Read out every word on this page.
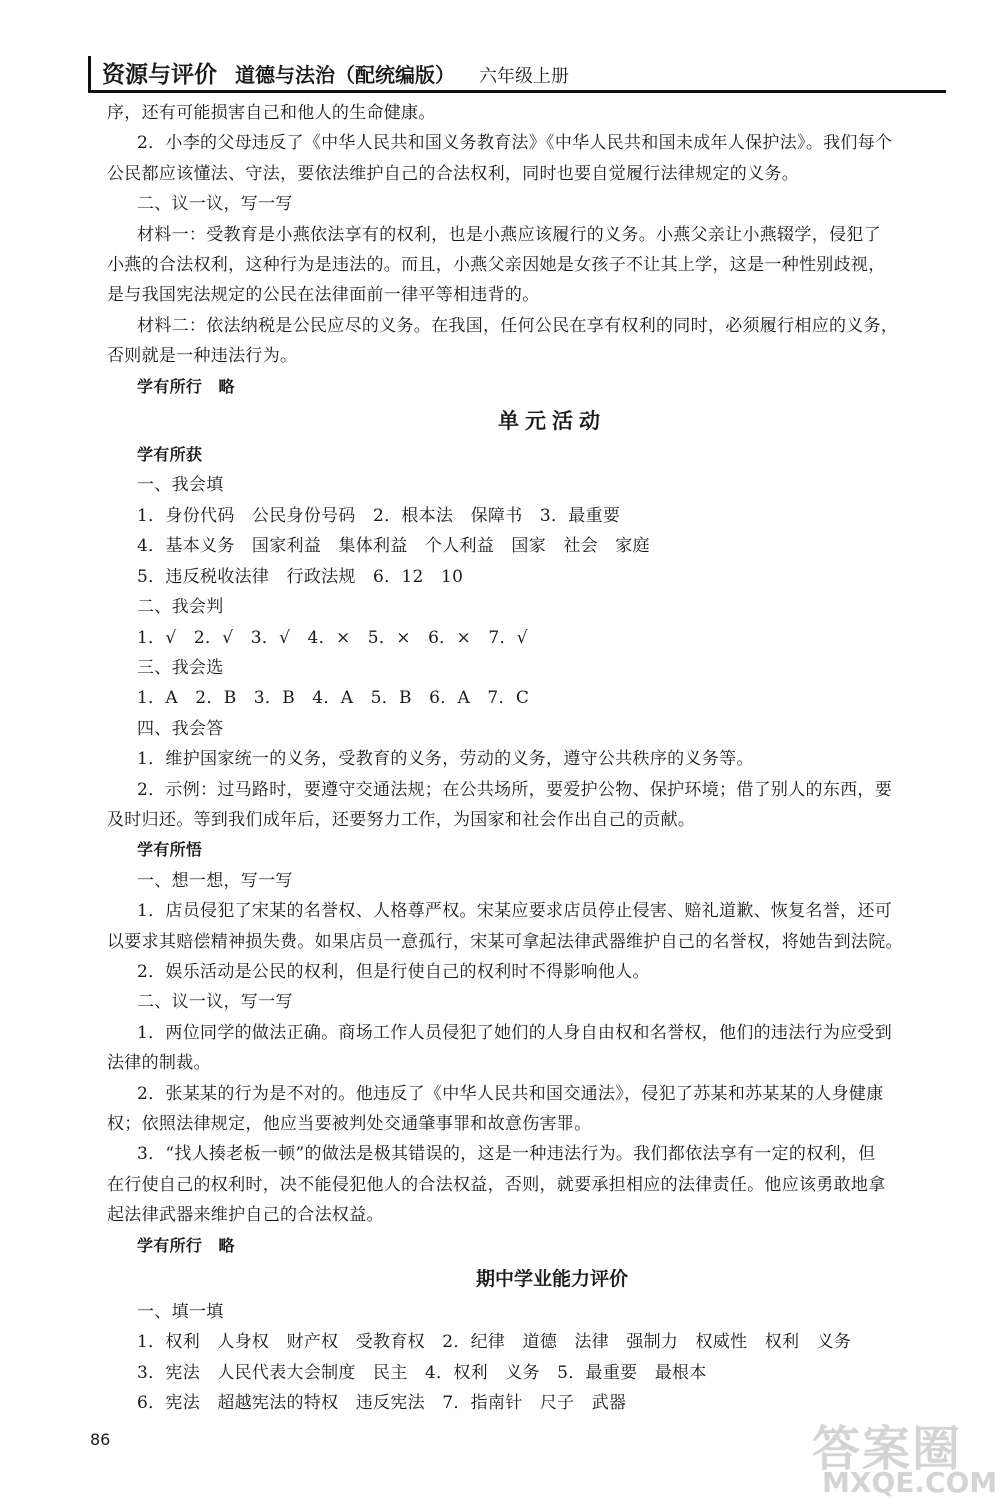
资源与评价 道德与法治（配统编版） 六年级上册
序，还有可能损害自己和他人的生命健康。
2．小李的父母违反了《中华人民共和国义务教育法》《中华人民共和国未成年人保护法》。我们每个
公民都应该懂法、守法，要依法维护自己的合法权利，同时也要自觉履行法律规定的义务。
二、议一议，写一写
材料一：受教育是小燕依法享有的权利，也是小燕应该履行的义务。小燕父亲让小燕辍学，侵犯了
小燕的合法权利，这种行为是违法的。而且，小燕父亲因她是女孩子不让其上学，这是一种性别歧视，
是与我国宪法规定的公民在法律面前一律平等相违背的。
材料二：依法纳税是公民应尽的义务。在我国，任何公民在享有权利的同时，必须履行相应的义务，
否则就是一种违法行为。
学有所行　略
单元活动
学有所获
一、我会填
1．身份代码　公民身份号码　2．根本法　保障书　3．最重要
4．基本义务　国家利益　集体利益　个人利益　国家　社会　家庭
5．违反税收法律　行政法规　6．12　10
二、我会判
1．√　2．√　3．√　4．×　5．×　6．×　7．√
三、我会选
1．A　2．B　3．B　4．A　5．B　6．A　7．C
四、我会答
1．维护国家统一的义务，受教育的义务，劳动的义务，遵守公共秩序的义务等。
2．示例：过马路时，要遵守交通法规；在公共场所，要爱护公物、保护环境；借了别人的东西，要
及时归还。等到我们成年后，还要努力工作，为国家和社会作出自己的贡献。
学有所悟
一、想一想，写一写
1．店员侵犯了宋某的名誉权、人格尊严权。宋某应要求店员停止侵害、赔礼道歉、恢复名誉，还可
以要求其赔偿精神损失费。如果店员一意孤行，宋某可拿起法律武器维护自己的名誉权，将她告到法院。
2．娱乐活动是公民的权利，但是行使自己的权利时不得影响他人。
二、议一议，写一写
1．两位同学的做法正确。商场工作人员侵犯了她们的人身自由权和名誉权，他们的违法行为应受到
法律的制裁。
2．张某某的行为是不对的。他违反了《中华人民共和国交通法》，侵犯了苏某和苏某某的人身健康
权；依照法律规定，他应当要被判处交通肇事罪和故意伤害罪。
3．“找人揍老板一顿”的做法是极其错误的，这是一种违法行为。我们都依法享有一定的权利，但
在行使自己的权利时，决不能侵犯他人的合法权益，否则，就要承担相应的法律责任。他应该勇敢地拿
起法律武器来维护自己的合法权益。
学有所行　略
期中学业能力评价
一、填一填
1．权利　人身权　财产权　受教育权　2．纪律　道德　法律　强制力　权威性　权利　义务
3．宪法　人民代表大会制度　民主　4．权利　义务　5．最重要　最根本
6．宪法　超越宪法的特权　违反宪法　7．指南针　尺子　武器
86	答案圈
MXQE.COM
